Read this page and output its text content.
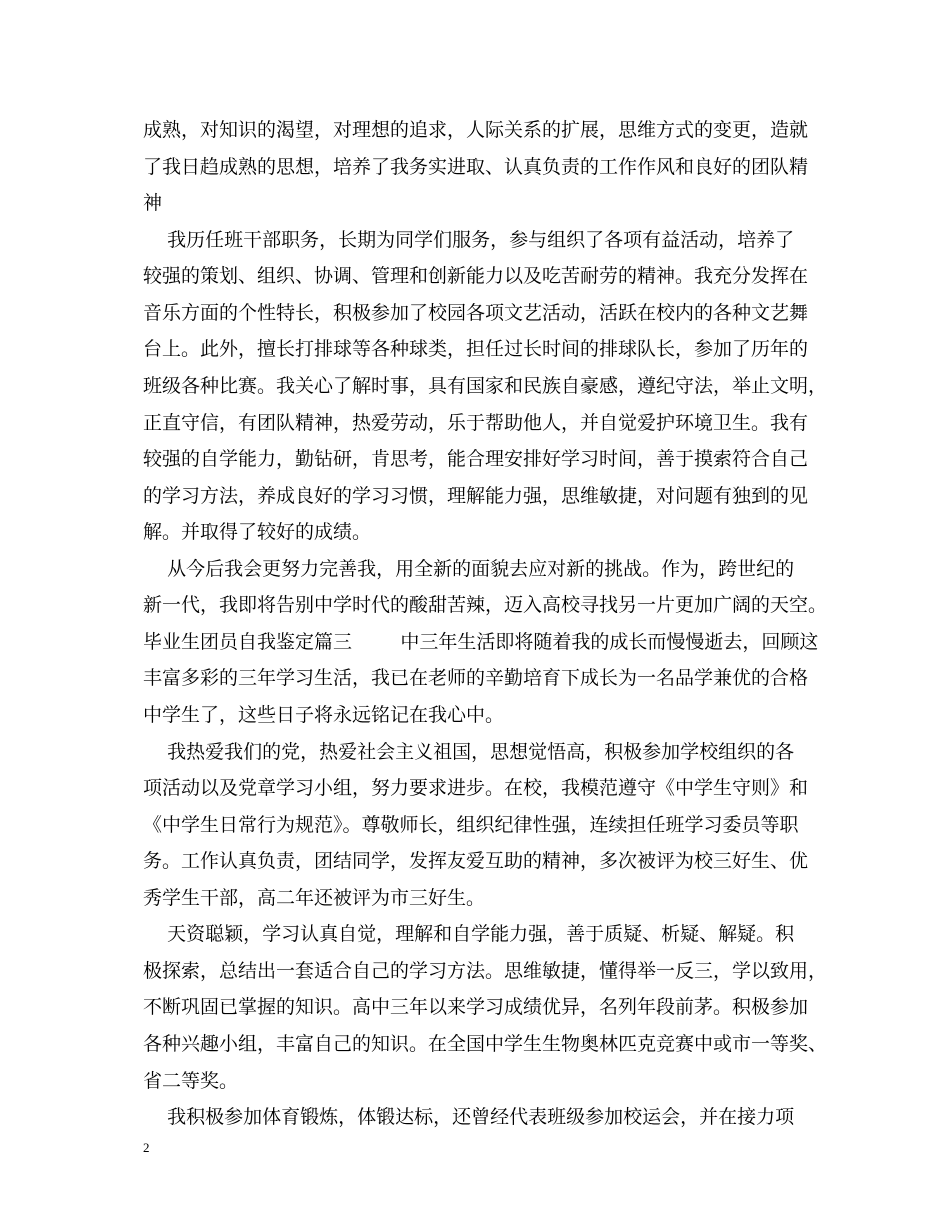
成熟，对知识的渴望，对理想的追求，人际关系的扩展，思维方式的变更，造就

了我日趋成熟的思想，培养了我务实进取、认真负责的工作作风和良好的团队精

神

我历任班干部职务，长期为同学们服务，参与组织了各项有益活动，培养了

较强的策划、组织、协调、管理和创新能力以及吃苦耐劳的精神。我充分发挥在

音乐方面的个性特长，积极参加了校园各项文艺活动，活跃在校内的各种文艺舞

台上。此外，擅长打排球等各种球类，担任过长时间的排球队长，参加了历年的

班级各种比赛。我关心了解时事，具有国家和民族自豪感，遵纪守法，举止文明，

正直守信，有团队精神，热爱劳动，乐于帮助他人，并自觉爱护环境卫生。我有

较强的自学能力，勤钻研，肯思考，能合理安排好学习时间，善于摸索符合自己

的学习方法，养成良好的学习习惯，理解能力强，思维敏捷，对问题有独到的见

解。并取得了较好的成绩。

从今后我会更努力完善我，用全新的面貌去应对新的挑战。作为，跨世纪的

新一代，我即将告别中学时代的酸甜苦辣，迈入高校寻找另一片更加广阔的天空。

毕业生团员自我鉴定篇三        中三年生活即将随着我的成长而慢慢逝去，回顾这

丰富多彩的三年学习生活，我已在老师的辛勤培育下成长为一名品学兼优的合格

中学生了，这些日子将永远铭记在我心中。

我热爱我们的党，热爱社会主义祖国，思想觉悟高，积极参加学校组织的各

项活动以及党章学习小组，努力要求进步。在校，我模范遵守《中学生守则》和

《中学生日常行为规范》。尊敬师长，组织纪律性强，连续担任班学习委员等职

务。工作认真负责，团结同学，发挥友爱互助的精神，多次被评为校三好生、优

秀学生干部，高二年还被评为市三好生。

天资聪颖，学习认真自觉，理解和自学能力强，善于质疑、析疑、解疑。积

极探索，总结出一套适合自己的学习方法。思维敏捷，懂得举一反三，学以致用，

不断巩固已掌握的知识。高中三年以来学习成绩优异，名列年段前茅。积极参加

各种兴趣小组，丰富自己的知识。在全国中学生生物奥林匹克竞赛中或市一等奖、

省二等奖。

我积极参加体育锻炼，体锻达标，还曾经代表班级参加校运会，并在接力项

2
